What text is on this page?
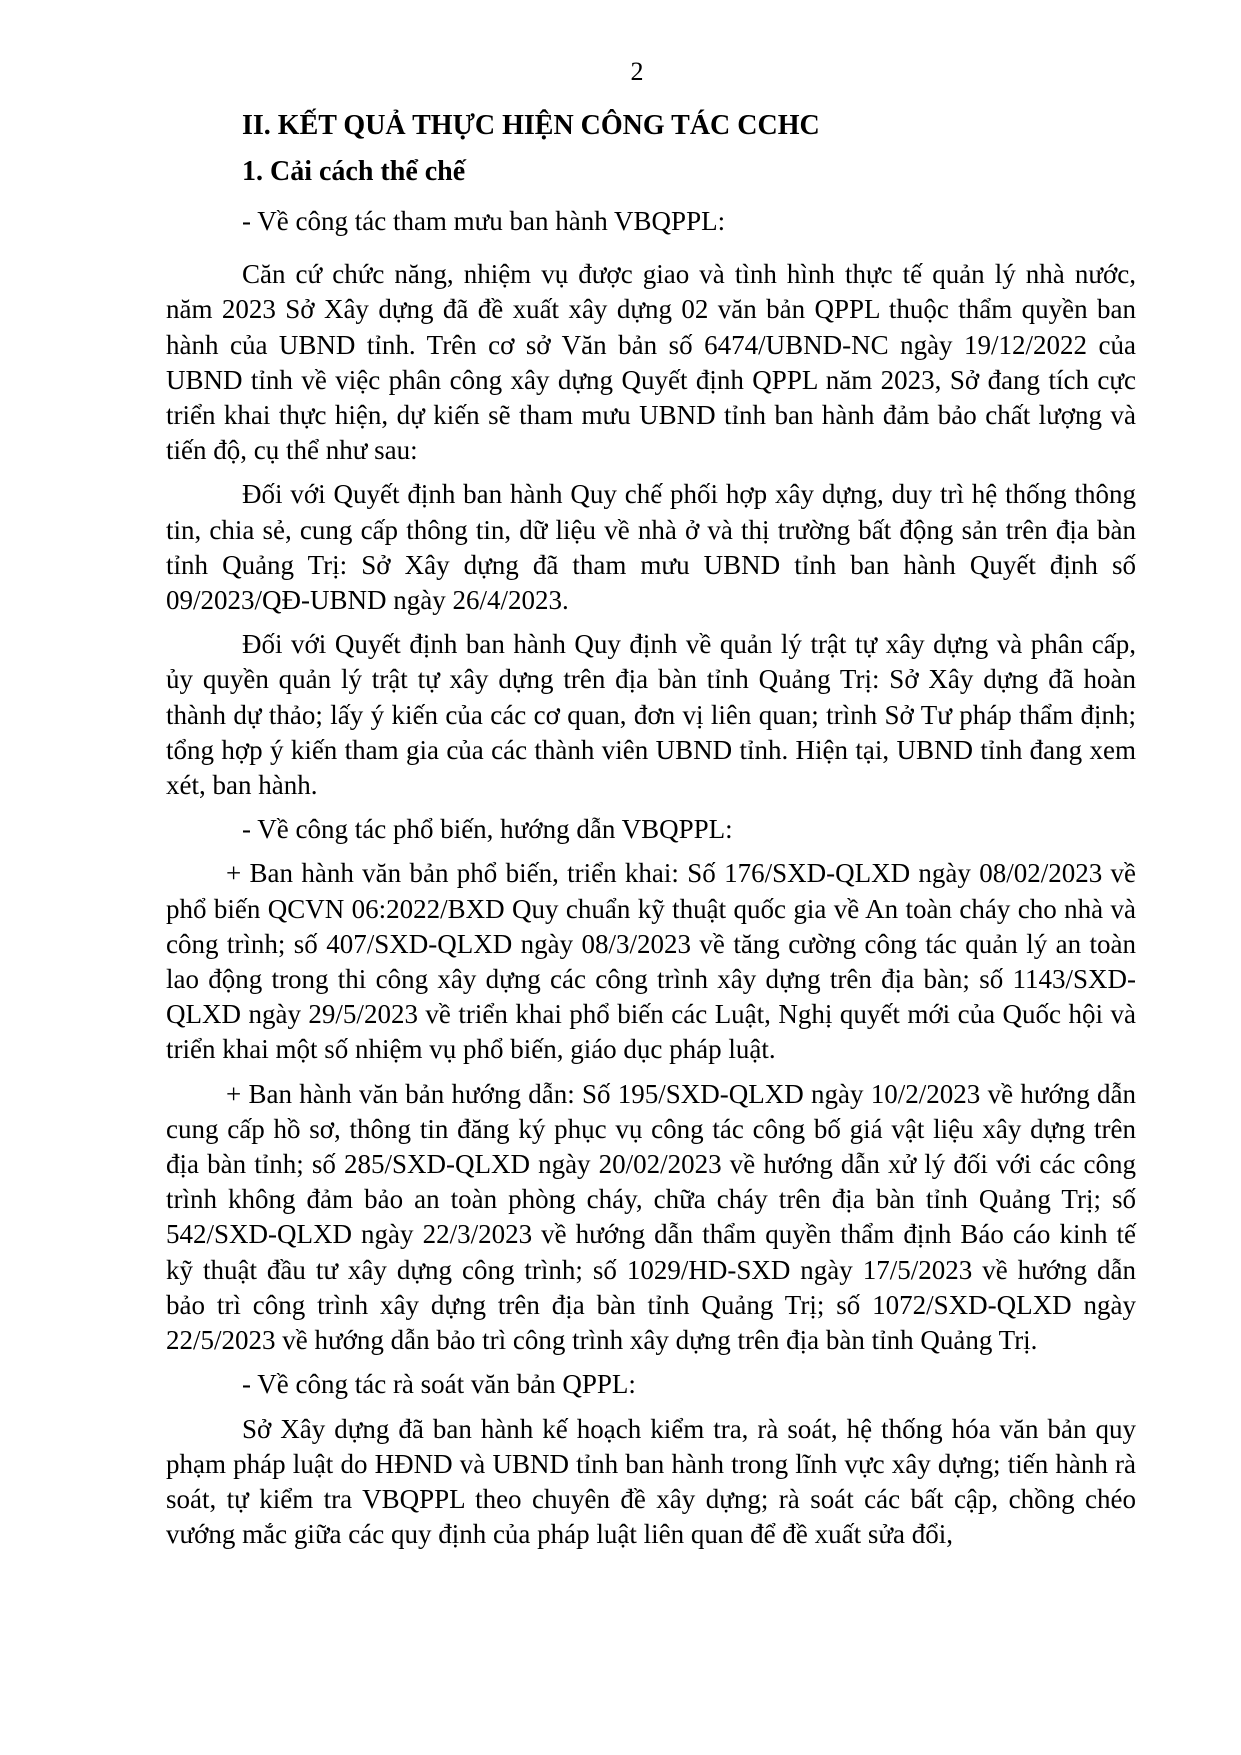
2
II. KẾT QUẢ THỰC HIỆN CÔNG TÁC CCHC
1. Cải cách thể chế

- Về công tác tham mưu ban hành VBQPPL:

Căn cứ chức năng, nhiệm vụ được giao và tình hình thực tế quản lý nhà nước, năm 2023 Sở Xây dựng đã đề xuất xây dựng 02 văn bản QPPL thuộc thẩm quyền ban hành của UBND tỉnh. Trên cơ sở Văn bản số 6474/UBND-NC ngày 19/12/2022 của UBND tỉnh về việc phân công xây dựng Quyết định QPPL năm 2023, Sở đang tích cực triển khai thực hiện, dự kiến sẽ tham mưu UBND tỉnh ban hành đảm bảo chất lượng và tiến độ, cụ thể như sau:

Đối với Quyết định ban hành Quy chế phối hợp xây dựng, duy trì hệ thống thông tin, chia sẻ, cung cấp thông tin, dữ liệu về nhà ở và thị trường bất động sản trên địa bàn tỉnh Quảng Trị: Sở Xây dựng đã tham mưu UBND tỉnh ban hành Quyết định số 09/2023/QĐ-UBND ngày 26/4/2023.

Đối với Quyết định ban hành Quy định về quản lý trật tự xây dựng và phân cấp, ủy quyền quản lý trật tự xây dựng trên địa bàn tỉnh Quảng Trị: Sở Xây dựng đã hoàn thành dự thảo; lấy ý kiến của các cơ quan, đơn vị liên quan; trình Sở Tư pháp thẩm định; tổng hợp ý kiến tham gia của các thành viên UBND tỉnh. Hiện tại, UBND tỉnh đang xem xét, ban hành.

- Về công tác phổ biến, hướng dẫn VBQPPL:

+ Ban hành văn bản phổ biến, triển khai: Số 176/SXD-QLXD ngày 08/02/2023 về phổ biến QCVN 06:2022/BXD Quy chuẩn kỹ thuật quốc gia về An toàn cháy cho nhà và công trình; số 407/SXD-QLXD ngày 08/3/2023 về tăng cường công tác quản lý an toàn lao động trong thi công xây dựng các công trình xây dựng trên địa bàn; số 1143/SXD-QLXD ngày 29/5/2023 về triển khai phổ biến các Luật, Nghị quyết mới của Quốc hội và triển khai một số nhiệm vụ phổ biến, giáo dục pháp luật.

+ Ban hành văn bản hướng dẫn: Số 195/SXD-QLXD ngày 10/2/2023 về hướng dẫn cung cấp hồ sơ, thông tin đăng ký phục vụ công tác công bố giá vật liệu xây dựng trên địa bàn tỉnh; số 285/SXD-QLXD ngày 20/02/2023 về hướng dẫn xử lý đối với các công trình không đảm bảo an toàn phòng cháy, chữa cháy trên địa bàn tỉnh Quảng Trị; số 542/SXD-QLXD ngày 22/3/2023 về hướng dẫn thẩm quyền thẩm định Báo cáo kinh tế kỹ thuật đầu tư xây dựng công trình; số 1029/HD-SXD ngày 17/5/2023 về hướng dẫn bảo trì công trình xây dựng trên địa bàn tỉnh Quảng Trị; số 1072/SXD-QLXD ngày 22/5/2023 về hướng dẫn bảo trì công trình xây dựng trên địa bàn tỉnh Quảng Trị.

- Về công tác rà soát văn bản QPPL:

Sở Xây dựng đã ban hành kế hoạch kiểm tra, rà soát, hệ thống hóa văn bản quy phạm pháp luật do HĐND và UBND tỉnh ban hành trong lĩnh vực xây dựng; tiến hành rà soát, tự kiểm tra VBQPPL theo chuyên đề xây dựng; rà soát các bất cập, chồng chéo vướng mắc giữa các quy định của pháp luật liên quan để đề xuất sửa đổi,
